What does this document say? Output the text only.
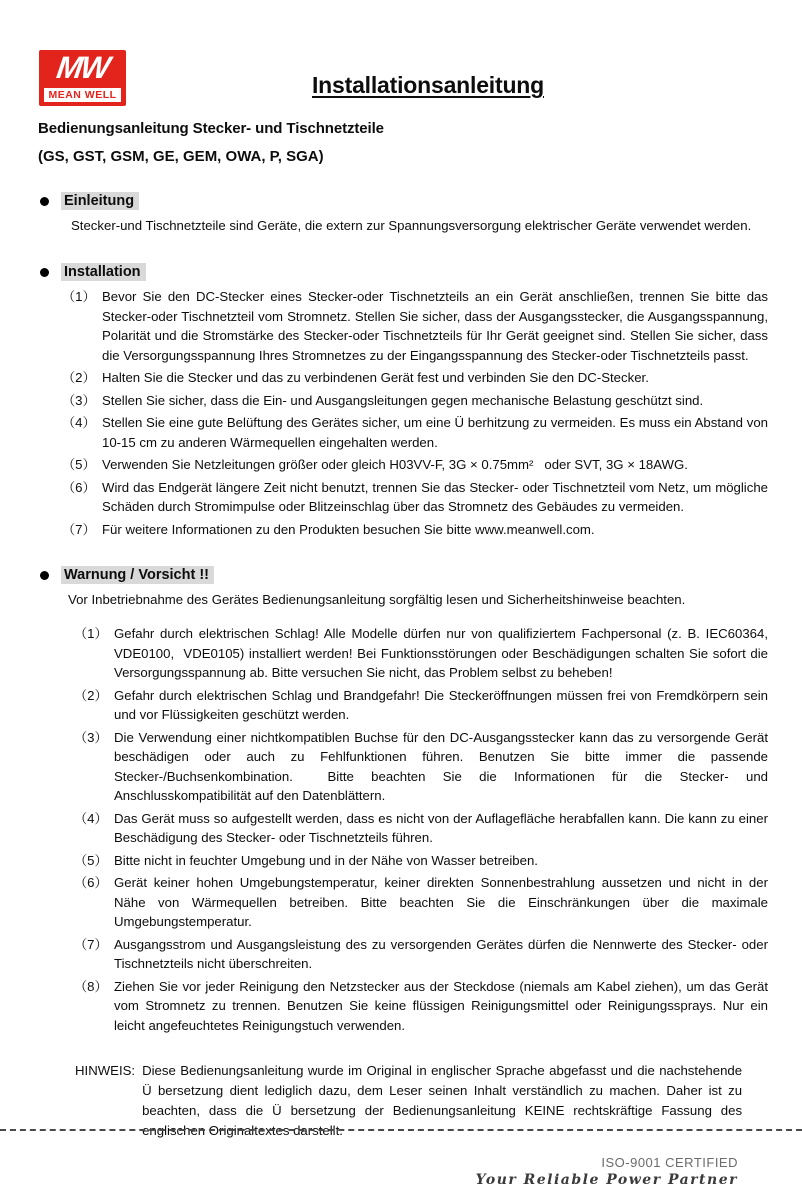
MW
MEAN WELL	Installationsanleitung
Bedienungsanleitung Stecker- und Tischnetzteile
(GS, GST, GSM, GE, GEM, OWA, P, SGA)
Einleitung

Stecker-und Tischnetzteile sind Geräte, die extern zur Spannungsversorgung elektrischer Geräte verwendet werden.

Installation
（1） Bevor Sie den DC-Stecker eines Stecker-oder Tischnetzteils an ein Gerät anschließen, trennen Sie bitte das Stecker-oder Tischnetzteil vom Stromnetz. Stellen Sie sicher, dass der Ausgangsstecker, die Ausgangsspannung, Polarität und die Stromstärke des Stecker-oder Tischnetzteils für Ihr Gerät geeignet sind. Stellen Sie sicher, dass die Versorgungsspannung Ihres Stromnetzes zu der Eingangsspannung des Stecker-oder Tischnetzteils passt.
（2） Halten Sie die Stecker und das zu verbindenen Gerät fest und verbinden Sie den DC-Stecker.
（3） Stellen Sie sicher, dass die Ein- und Ausgangsleitungen gegen mechanische Belastung geschützt sind.
（4） Stellen Sie eine gute Belüftung des Gerätes sicher, um eine Ü berhitzung zu vermeiden. Es muss ein Abstand von 10-15 cm zu anderen Wärmequellen eingehalten werden.
（5） Verwenden Sie Netzleitungen größer oder gleich H03VV-F, 3G × 0.75mm²   oder SVT, 3G × 18AWG.
（6） Wird das Endgerät längere Zeit nicht benutzt, trennen Sie das Stecker- oder Tischnetzteil vom Netz, um mögliche Schäden durch Stromimpulse oder Blitzeinschlag über das Stromnetz des Gebäudes zu vermeiden.
（7） Für weitere Informationen zu den Produkten besuchen Sie bitte www.meanwell.com.
Warnung / Vorsicht !!

Vor Inbetriebnahme des Gerätes Bedienungsanleitung sorgfältig lesen und Sicherheitshinweise beachten.

（1） Gefahr durch elektrischen Schlag! Alle Modelle dürfen nur von qualifiziertem Fachpersonal (z. B. IEC60364, VDE0100,  VDE0105) installiert werden! Bei Funktionsstörungen oder Beschädigungen schalten Sie sofort die Versorgungsspannung ab. Bitte versuchen Sie nicht, das Problem selbst zu beheben!
（2） Gefahr durch elektrischen Schlag und Brandgefahr! Die Steckeröffnungen müssen frei von Fremdkörpern sein und vor Flüssigkeiten geschützt werden.
（3） Die Verwendung einer nichtkompatiblen Buchse für den DC-Ausgangsstecker kann das zu versorgende Gerät beschädigen oder auch zu Fehlfunktionen führen. Benutzen Sie bitte immer die passende Stecker-/Buchsenkombination.  Bitte beachten Sie die Informationen für die Stecker- und Anschlusskompatibilität auf den Datenblättern.
（4） Das Gerät muss so aufgestellt werden, dass es nicht von der Auflagefläche herabfallen kann. Die kann zu einer Beschädigung des Stecker- oder Tischnetzteils führen.
（5） Bitte nicht in feuchter Umgebung und in der Nähe von Wasser betreiben.
（6） Gerät keiner hohen Umgebungstemperatur, keiner direkten Sonnenbestrahlung aussetzen und nicht in der Nähe von Wärmequellen betreiben. Bitte beachten Sie die Einschränkungen über die maximale Umgebungstemperatur.
（7） Ausgangsstrom und Ausgangsleistung des zu versorgenden Gerätes dürfen die Nennwerte des Stecker- oder Tischnetzteils nicht überschreiten.
（8） Ziehen Sie vor jeder Reinigung den Netzstecker aus der Steckdose (niemals am Kabel ziehen), um das Gerät vom Stromnetz zu trennen. Benutzen Sie keine flüssigen Reinigungsmittel oder Reinigungssprays. Nur ein leicht angefeuchtetes Reinigungstuch verwenden.
HINWEIS: Diese Bedienungsanleitung wurde im Original in englischer Sprache abgefasst und die nachstehende Ü bersetzung dient lediglich dazu, dem Leser seinen Inhalt verständlich zu machen. Daher ist zu beachten, dass die Ü bersetzung der Bedienungsanleitung KEINE rechtskräftige Fassung des englischen Originaltextes darstellt.
ISO-9001 CERTIFIED
Your Reliable Power Partner
